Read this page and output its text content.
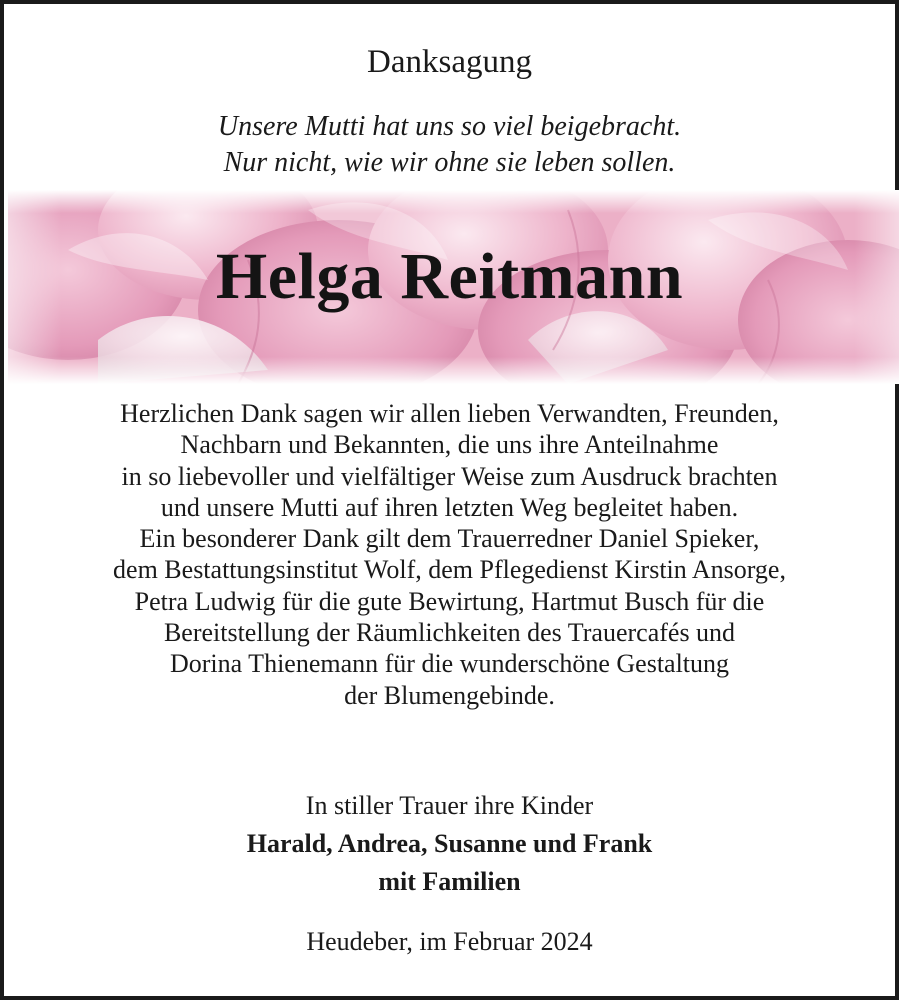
Danksagung
Unsere Mutti hat uns so viel beigebracht.
Nur nicht, wie wir ohne sie leben sollen.
Helga Reitmann
Herzlichen Dank sagen wir allen lieben Verwandten, Freunden,
Nachbarn und Bekannten, die uns ihre Anteilnahme
in so liebevoller und vielfältiger Weise zum Ausdruck brachten
und unsere Mutti auf ihren letzten Weg begleitet haben.
Ein besonderer Dank gilt dem Trauerredner Daniel Spieker,
dem Bestattungsinstitut Wolf, dem Pflegedienst Kirstin Ansorge,
Petra Ludwig für die gute Bewirtung, Hartmut Busch für die
Bereitstellung der Räumlichkeiten des Trauercafés und
Dorina Thienemann für die wunderschöne Gestaltung
der Blumengebinde.
In stiller Trauer ihre Kinder
Harald, Andrea, Susanne und Frank
mit Familien
Heudeber, im Februar 2024
